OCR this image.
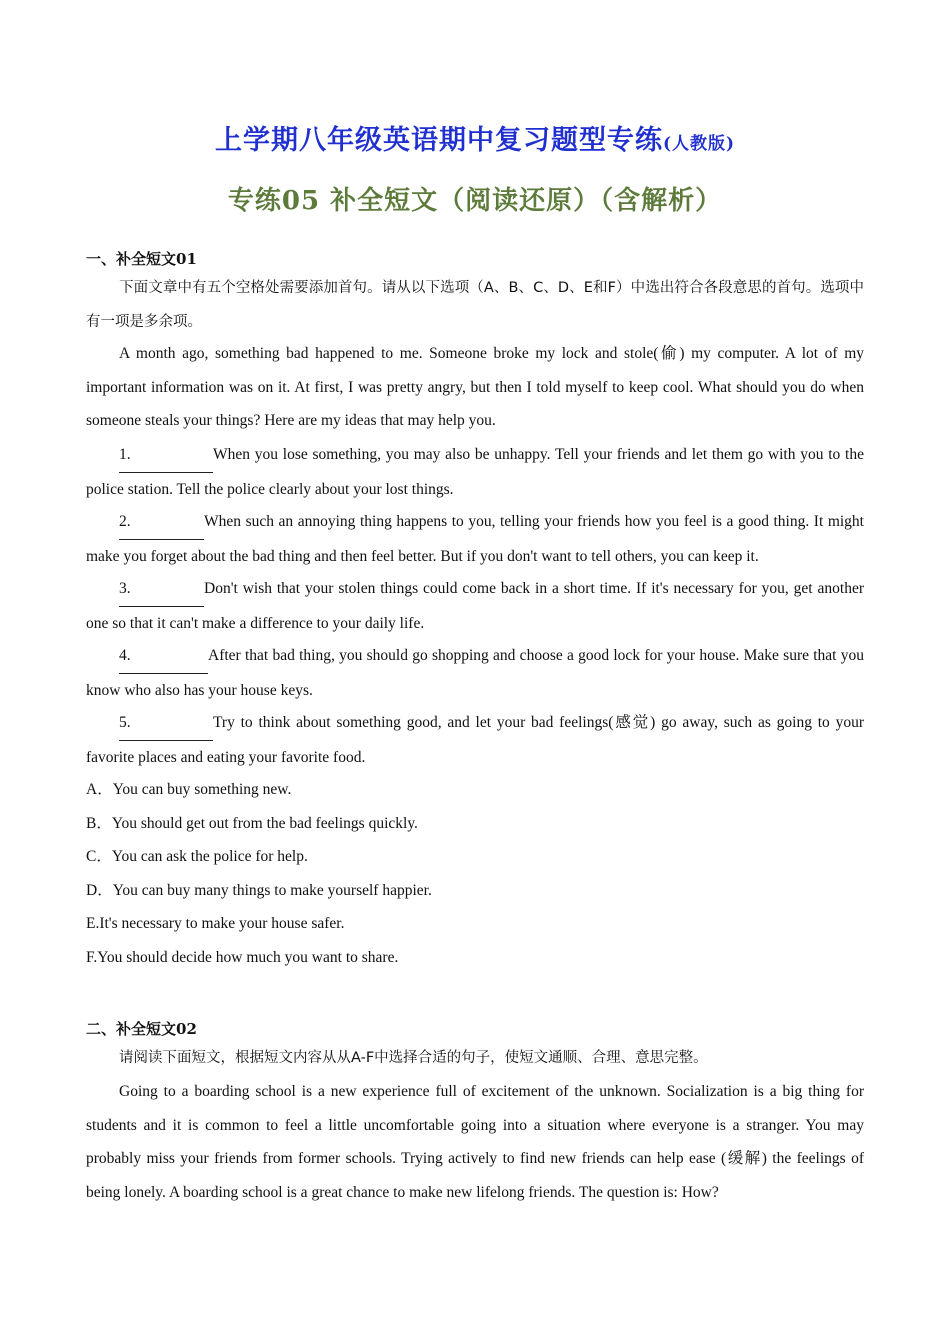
上学期八年级英语期中复习题型专练(人教版)
专练05 补全短文（阅读还原）（含解析）
一、补全短文01
下面文章中有五个空格处需要添加首句。请从以下选项（A、B、C、D、E和F）中选出符合各段意思的首句。选项中有一项是多余项。
A month ago, something bad happened to me. Someone broke my lock and stole(偷) my computer. A lot of my important information was on it. At first, I was pretty angry, but then I told myself to keep cool. What should you do when someone steals your things? Here are my ideas that may help you.
1.	When you lose something, you may also be unhappy. Tell your friends and let them go with you to the police station. Tell the police clearly about your lost things.
2.	When such an annoying thing happens to you, telling your friends how you feel is a good thing. It might make you forget about the bad thing and then feel better. But if you don't want to tell others, you can keep it.
3.	Don't wish that your stolen things could come back in a short time. If it's necessary for you, get another one so that it can't make a difference to your daily life.
4.	After that bad thing, you should go shopping and choose a good lock for your house. Make sure that you know who also has your house keys.
5.	Try to think about something good, and let your bad feelings(感觉) go away, such as going to your favorite places and eating your favorite food.
A．You can buy something new.
B．You should get out from the bad feelings quickly.
C．You can ask the police for help.
D．You can buy many things to make yourself happier.
E.It's necessary to make your house safer.
F.You should decide how much you want to share.
二、补全短文02
请阅读下面短文，根据短文内容从从A-F中选择合适的句子，使短文通顺、合理、意思完整。
Going to a boarding school is a new experience full of excitement of the unknown. Socialization is a big thing for students and it is common to feel a little uncomfortable going into a situation where everyone is a stranger. You may probably miss your friends from former schools. Trying actively to find new friends can help ease (缓解) the feelings of being lonely. A boarding school is a great chance to make new lifelong friends. The question is: How?
